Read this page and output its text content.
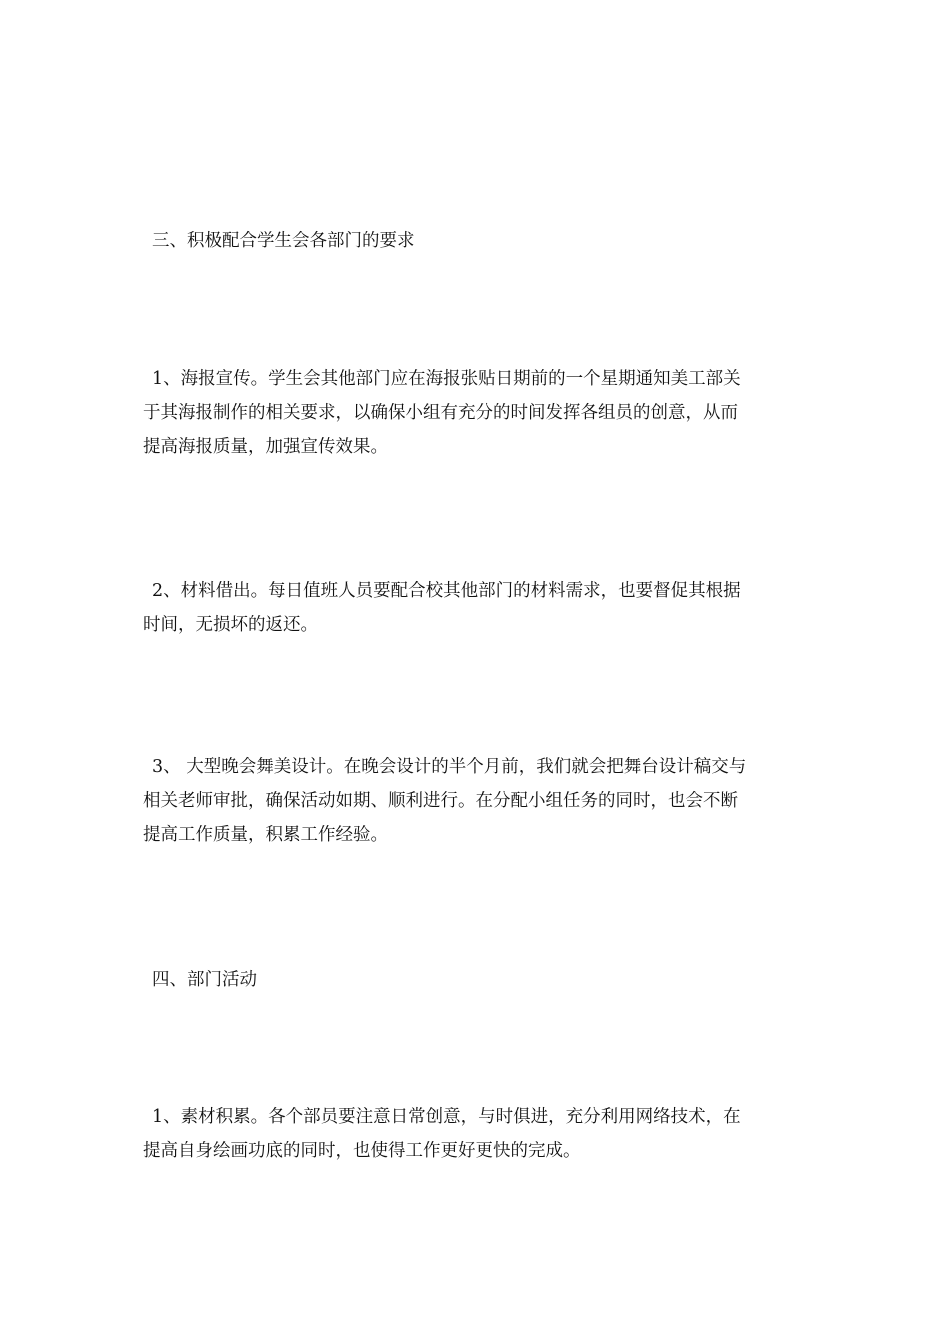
三、积极配合学生会各部门的要求

1、海报宣传。学生会其他部门应在海报张贴日期前的一个星期通知美工部关
于其海报制作的相关要求，以确保小组有充分的时间发挥各组员的创意，从而
提高海报质量，加强宣传效果。

2、材料借出。每日值班人员要配合校其他部门的材料需求，也要督促其根据
时间，无损坏的返还。

3、 大型晚会舞美设计。在晚会设计的半个月前，我们就会把舞台设计稿交与
相关老师审批，确保活动如期、顺利进行。在分配小组任务的同时，也会不断
提高工作质量，积累工作经验。

四、部门活动

1、素材积累。各个部员要注意日常创意，与时俱进，充分利用网络技术，在
提高自身绘画功底的同时，也使得工作更好更快的完成。
